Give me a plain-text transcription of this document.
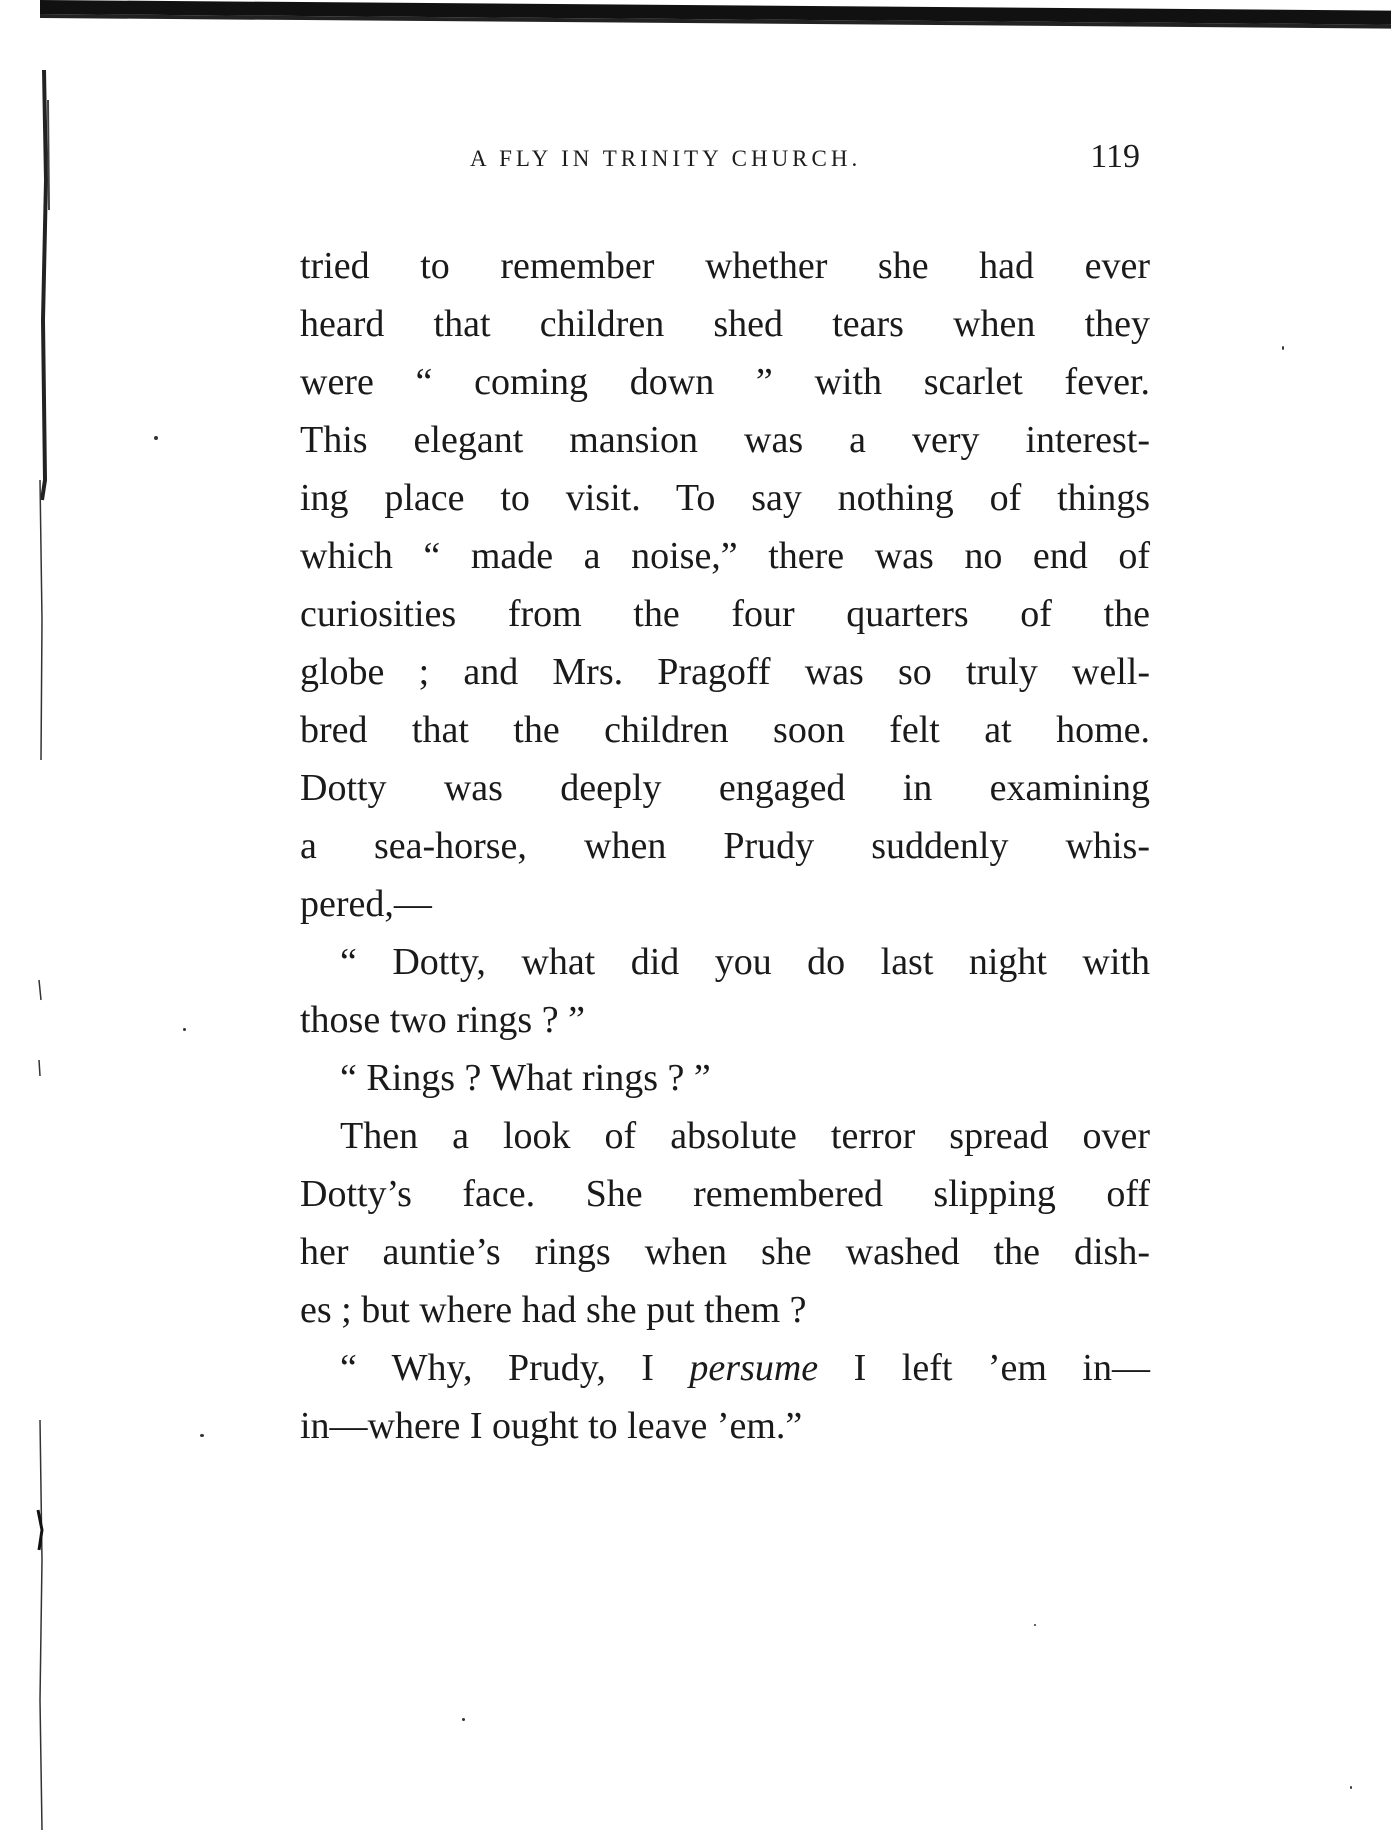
A FLY IN TRINITY CHURCH.	119
tried to remember whether she had ever
heard that children shed tears when they
were “ coming down ” with scarlet fever.
This elegant mansion was a very interest-
ing place to visit. To say nothing of things
which “ made a noise,” there was no end of
curiosities from the four quarters of the
globe ; and Mrs. Pragoff was so truly well-
bred that the children soon felt at home.
Dotty was deeply engaged in examining
a sea-horse, when Prudy suddenly whis-
pered,—
“ Dotty, what did you do last night with
those two rings ? ”
“ Rings ? What rings ? ”
Then a look of absolute terror spread over
Dotty’s face. She remembered slipping off
her auntie’s rings when she washed the dish-
es ; but where had she put them ?
“ Why, Prudy, I persume I left ’em in—
in—where I ought to leave ’em.”
